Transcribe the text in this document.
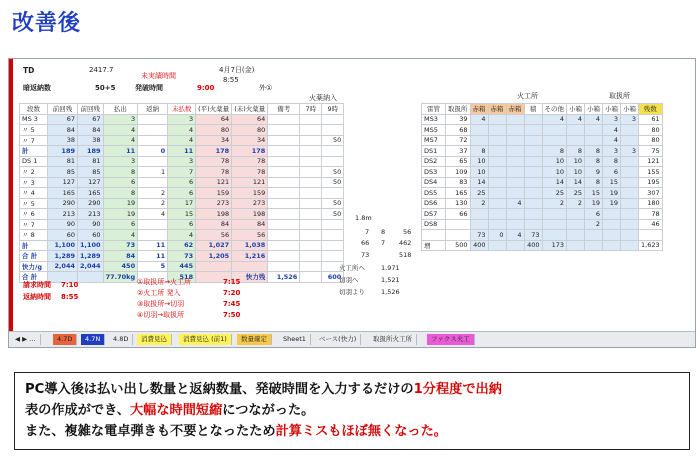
改善後
TD	2417.7
未実績時間
4月7日(金)
8:55
暗返納数	50+5	発破時間	9:00	外①
火薬納入
段数	前回残	前回残	払出	返納	未払数	(平)火薬量	(未)火薬量	備考	7時	9時
MS 3	67	67	3		3	64	64			
〃 5	84	84	4		4	80	80			
〃 7	38	38	4		4	34	34			50
計	189	189	11	0	11	178	178			
DS 1	81	81	3		3	78	78			
〃 2	85	85	8	1	7	78	78			50
〃 3	127	127	6		6	121	121			50
〃 4	165	165	8	2	6	159	159			
〃 5	290	290	19	2	17	273	273			50
〃 6	213	213	19	4	15	198	198			50
〃 7	90	90	6		6	84	84			
〃 8	60	60	4		4	56	56			
計	1,100	1,100	73	11	62	1,027	1,038			
合 計	1,289	1,289	84	11	73	1,205	1,216			
快力/g	2,044	2,044	450	5	445					
合 計			77.70kg		518		快力残	1,526		600
請求時間 7:10
返納時間 8:55
①取扱所→火工所	7:15
②火工所 発入	7:20
③取扱所→切羽	7:45
④切羽→取扱所	7:50
1.8m
7 8	56
66 7 462
73	518
火工所へ 1,971
切羽へ	1,521
切羽より 1,526
火工所	取扱所
雷管	取扱所	赤箱	赤箱	赤箱	積	その他	小箱	小箱	小箱	小箱	残数
MS3	39	4				4	4	4	3	3	61
MS5	68								4		80
MS7	72								4		80
DS1	37	8				8	8	8	3	3	75
DS2	65	10				10	10	8	8		121
DS3	109	10				10	10	9	6		155
DS4	83	14				14	14	8	15		195
DS5	165	25				25	25	15	19		307
DS6	130	2		4		2	2	19	19		180
DS7	66							6			78
DS8								2			46
		73	0	4	73						
増	500	400			400	173					1,623
◀ ▶ …	4.7D	4.7N	4.8D	消費見込	消費見込 (前1)	数量確定	Sheet1	ベース(快力)	取扱所火工所	ファクス火工
PC導入後は払い出し数量と返納数量、発破時間を入力するだけの1分程度で出納
表の作成ができ、大幅な時間短縮につながった。
また、複雑な電卓弾きも不要となったため計算ミスもほぼ無くなった。
